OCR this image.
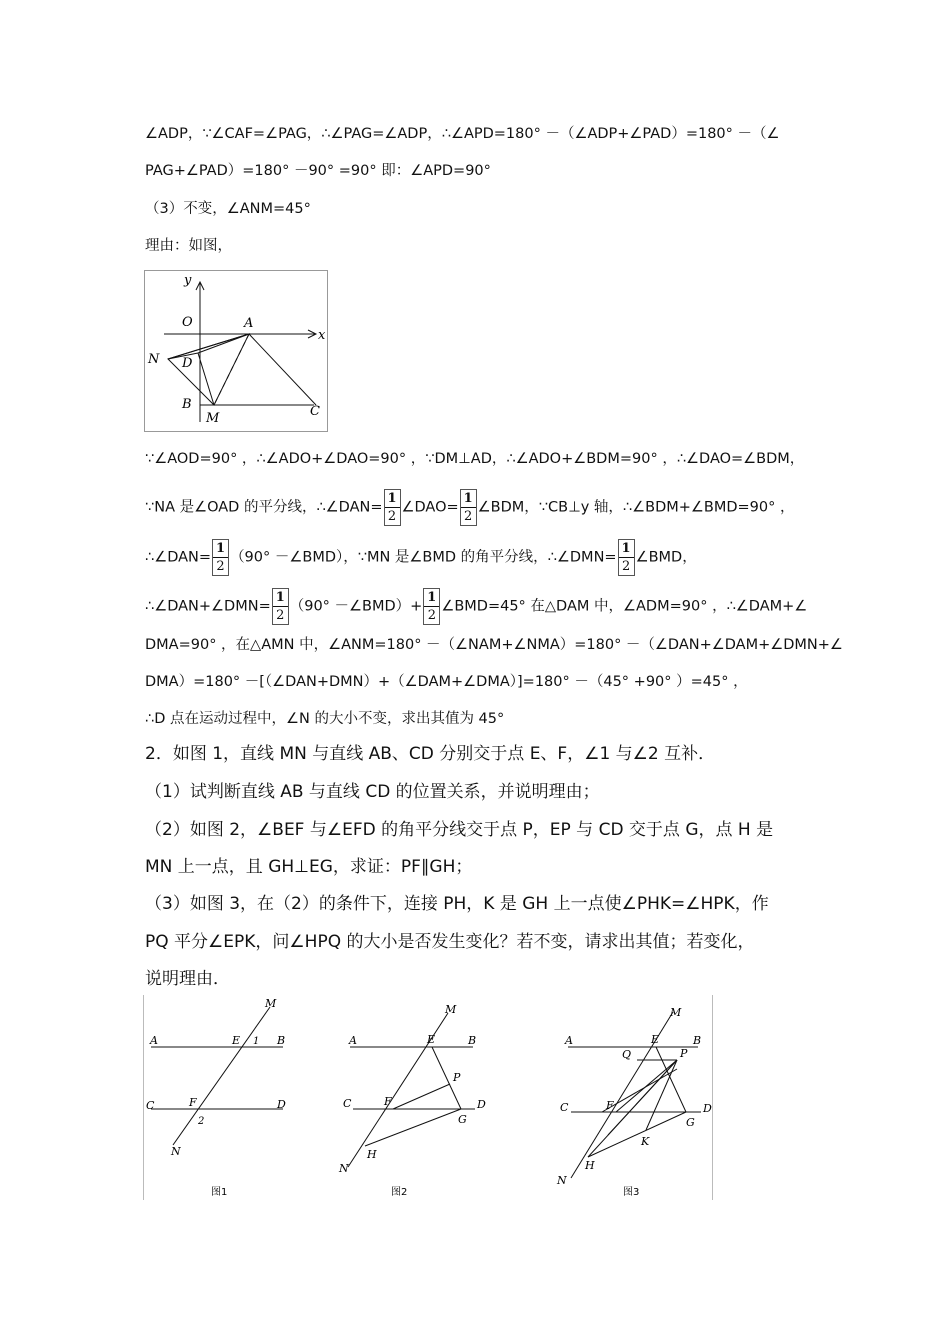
∠ADP，∵∠CAF=∠PAG，∴∠PAG=∠ADP，∴∠APD=180° －（∠ADP+∠PAD）=180° －（∠
PAG+∠PAD）=180° －90° =90° 即：∠APD=90°
（3）不变，∠ANM=45°
理由：如图，
y
x
O	A
N D
B
M	C
∵∠AOD=90° ，∴∠ADO+∠DAO=90° ，∵DM⊥AD，∴∠ADO+∠BDM=90° ，∴∠DAO=∠BDM，
∵NA 是∠OAD 的平分线，∴∠DAN= $\frac{1}{2}$ ∠DAO= $\frac{1}{2}$ ∠BDM，∵CB⊥y 轴，∴∠BDM+∠BMD=90° ，
∴∠DAN= $\frac{1}{2} (90^\circ$ －∠BMD），∵MN 是∠BMD 的角平分线，∴∠DMN= $\frac{1}{2}$ ∠BMD，
∴∠DAN+∠DMN= $\frac{1}{2} (90^\circ$ －∠BMD）+ $\frac{1}{2}$ ∠BMD=45° 在△DAM 中，∠ADM=90° ，∴∠DAM+∠
DMA=90° ，在△AMN 中，∠ANM=180° －（∠NAM+∠NMA）=180° －（∠DAN+∠DAM+∠DMN+∠
DMA）=180° －[（∠DAN+DMN）+（∠DAM+∠DMA）]=180° －（45° +90° ）=45° ，
∴D 点在运动过程中，∠N 的大小不变，求出其值为 45°
2．如图 1，直线 MN 与直线 AB、CD 分别交于点 E、F，∠1 与∠2 互补．
（1）试判断直线 AB 与直线 CD 的位置关系，并说明理由；
（2）如图 2，∠BEF 与∠EFD 的角平分线交于点 P，EP 与 CD 交于点 G，点 H 是
MN 上一点，且 GH⊥EG，求证：PF∥GH；
（3）如图 3，在（2）的条件下，连接 PH，K 是 GH 上一点使∠PHK=∠HPK，作
PQ 平分∠EPK，问∠HPQ 的大小是否发生变化？若不变，请求出其值；若变化，
说明理由．
A	B
C	D
E 1
F
2
M
N
图1
A	B
C	D
E
F
M
N
P
G
H
图2
A	B
C	D
E
F
M
N
P
Q
G
H
K
图3
